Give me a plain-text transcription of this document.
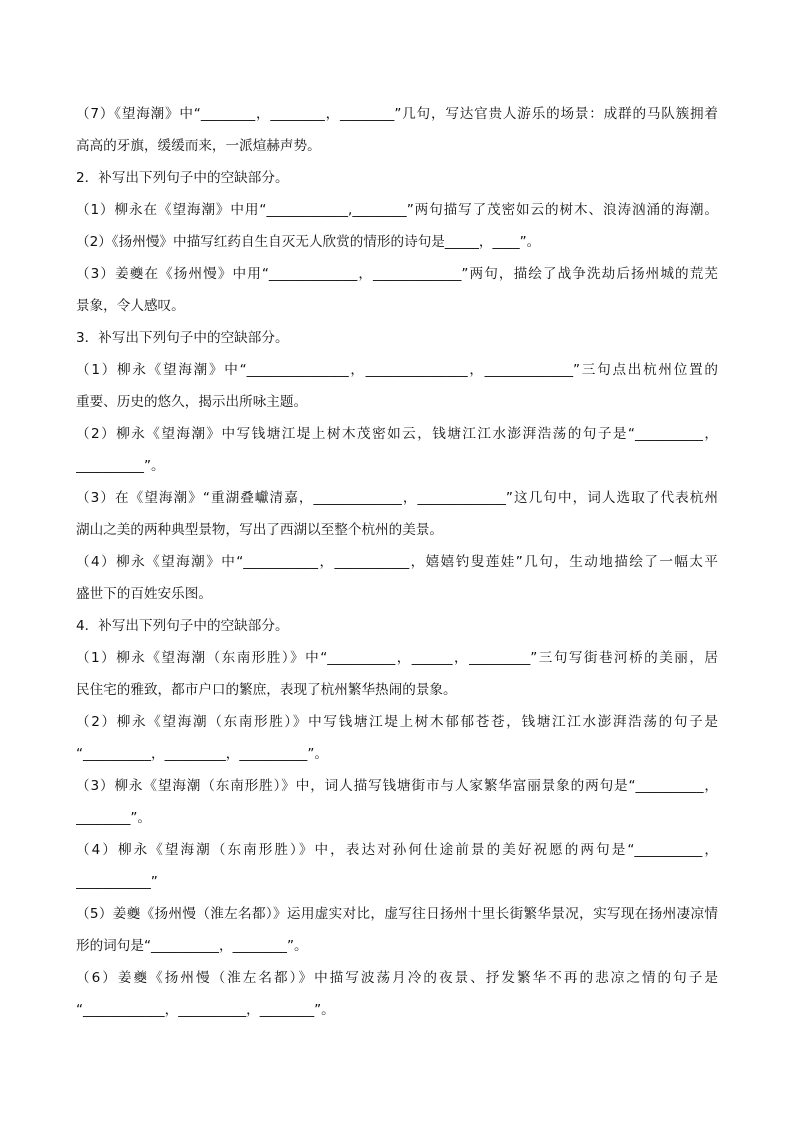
（7）《望海潮》中“________，________，________”几句，写达官贵人游乐的场景：成群的马队簇拥着
高高的牙旗，缓缓而来，一派煊赫声势。
2．补写出下列句子中的空缺部分。
（1）柳永在《望海潮》中用“____________,________”两句描写了茂密如云的树木、浪涛汹涌的海潮。
（2）《扬州慢》中描写红药自生自灭无人欣赏的情形的诗句是_____，____”。
（3）姜夔在《扬州慢》中用“_____________，_____________”两句，描绘了战争洗劫后扬州城的荒芜
景象，令人感叹。
3．补写出下列句子中的空缺部分。
（1）柳永《望海潮》中“_______________，_______________，_____________”三句点出杭州位置的
重要、历史的悠久，揭示出所咏主题。
（2）柳永《望海潮》中写钱塘江堤上树木茂密如云，钱塘江江水澎湃浩荡的句子是“__________，
__________”。
（3）在《望海潮》“重湖叠巘清嘉，_____________，_____________”这几句中，词人选取了代表杭州
湖山之美的两种典型景物，写出了西湖以至整个杭州的美景。
（4）柳永《望海潮》中“___________，___________，嬉嬉钓叟莲娃”几句，生动地描绘了一幅太平
盛世下的百姓安乐图。
4．补写出下列句子中的空缺部分。
（1）柳永《望海潮（东南形胜）》中“__________，______，_________”三句写街巷河桥的美丽，居
民住宅的雅致，都市户口的繁庶，表现了杭州繁华热闹的景象。
（2）柳永《望海潮（东南形胜）》中写钱塘江堤上树木郁郁苍苍，钱塘江江水澎湃浩荡的句子是
“__________，_________，__________”。
（3）柳永《望海潮（东南形胜）》中，词人描写钱塘街市与人家繁华富丽景象的两句是“__________，
________”。
（4）柳永《望海潮（东南形胜）》中，表达对孙何仕途前景的美好祝愿的两句是“__________，
___________”
（5）姜夔《扬州慢（淮左名都）》运用虚实对比，虚写往日扬州十里长街繁华景况，实写现在扬州凄凉情
形的词句是“__________，________”。
（6）姜夔《扬州慢（淮左名都）》中描写波荡月冷的夜景、抒发繁华不再的悲凉之情的句子是
“____________，__________，________”。
